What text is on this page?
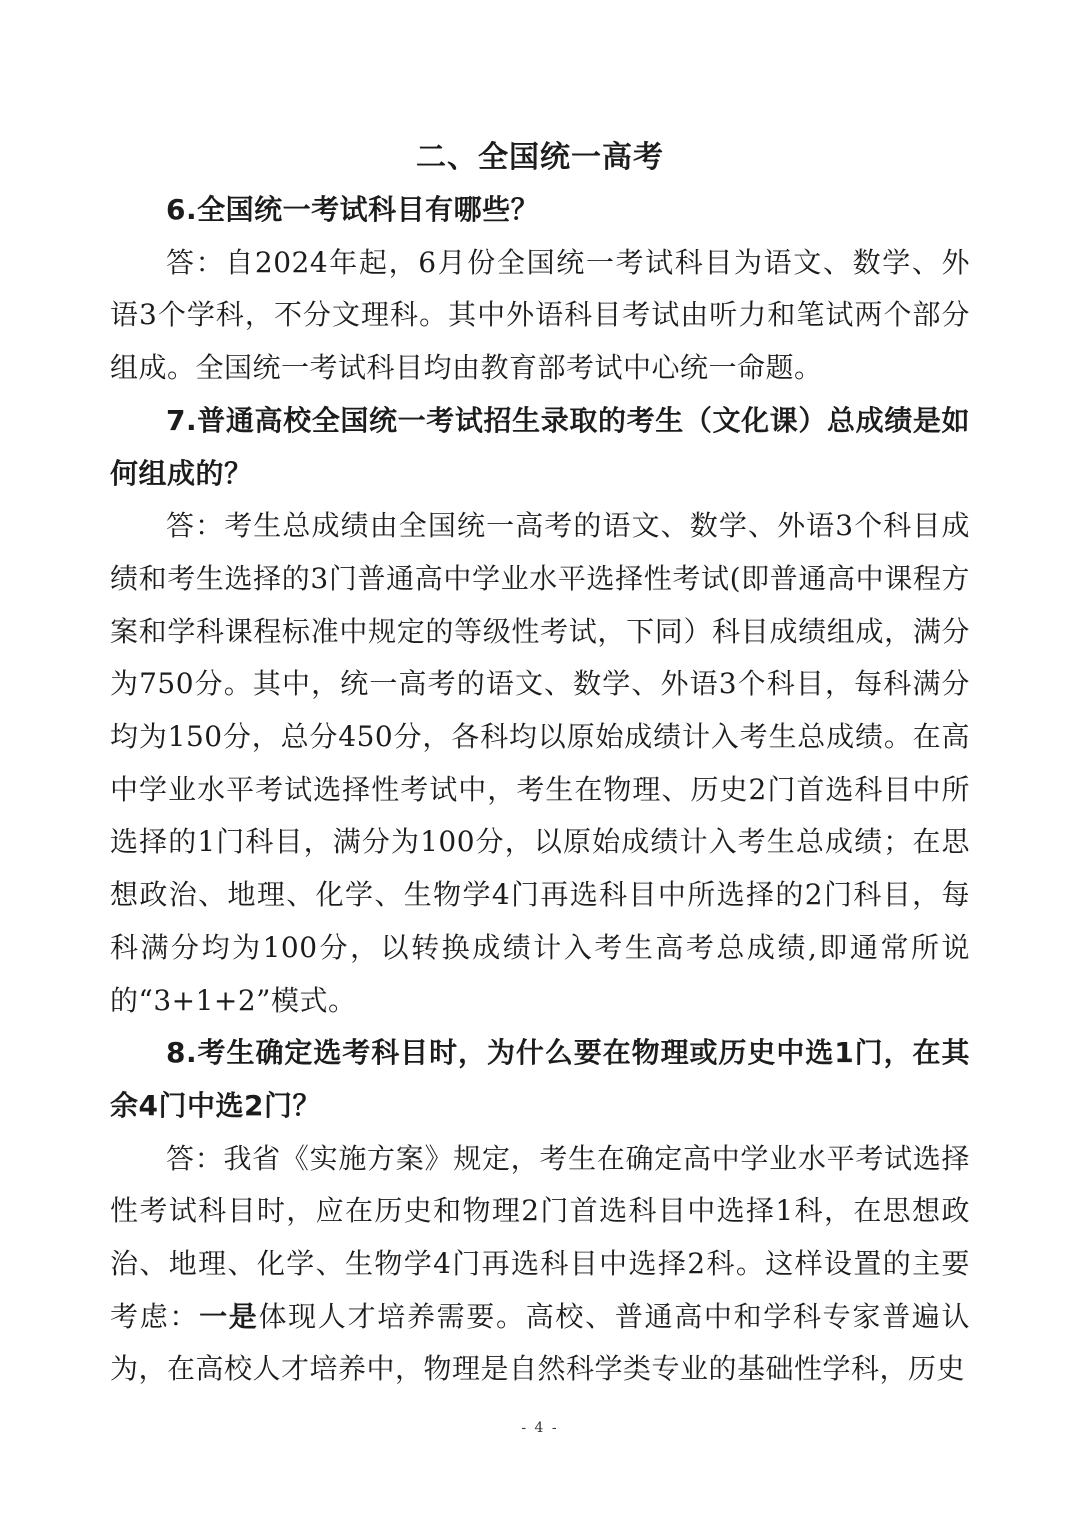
二、全国统一高考

6.全国统一考试科目有哪些？

答：自2024年起，6月份全国统一考试科目为语文、数学、外语3个学科，不分文理科。其中外语科目考试由听力和笔试两个部分组成。全国统一考试科目均由教育部考试中心统一命题。

7.普通高校全国统一考试招生录取的考生（文化课）总成绩是如何组成的？

答：考生总成绩由全国统一高考的语文、数学、外语3个科目成绩和考生选择的3门普通高中学业水平选择性考试(即普通高中课程方案和学科课程标准中规定的等级性考试，下同）科目成绩组成，满分为750分。其中，统一高考的语文、数学、外语3个科目，每科满分均为150分，总分450分，各科均以原始成绩计入考生总成绩。在高中学业水平考试选择性考试中，考生在物理、历史2门首选科目中所选择的1门科目，满分为100分，以原始成绩计入考生总成绩；在思想政治、地理、化学、生物学4门再选科目中所选择的2门科目，每科满分均为100分，以转换成绩计入考生高考总成绩,即通常所说的“3+1+2”模式。

8.考生确定选考科目时，为什么要在物理或历史中选1门，在其余4门中选2门？

答：我省《实施方案》规定，考生在确定高中学业水平考试选择性考试科目时，应在历史和物理2门首选科目中选择1科，在思想政治、地理、化学、生物学4门再选科目中选择2科。这样设置的主要考虑：一是体现人才培养需要。高校、普通高中和学科专家普遍认为，在高校人才培养中，物理是自然科学类专业的基础性学科，历史

- 4 -
